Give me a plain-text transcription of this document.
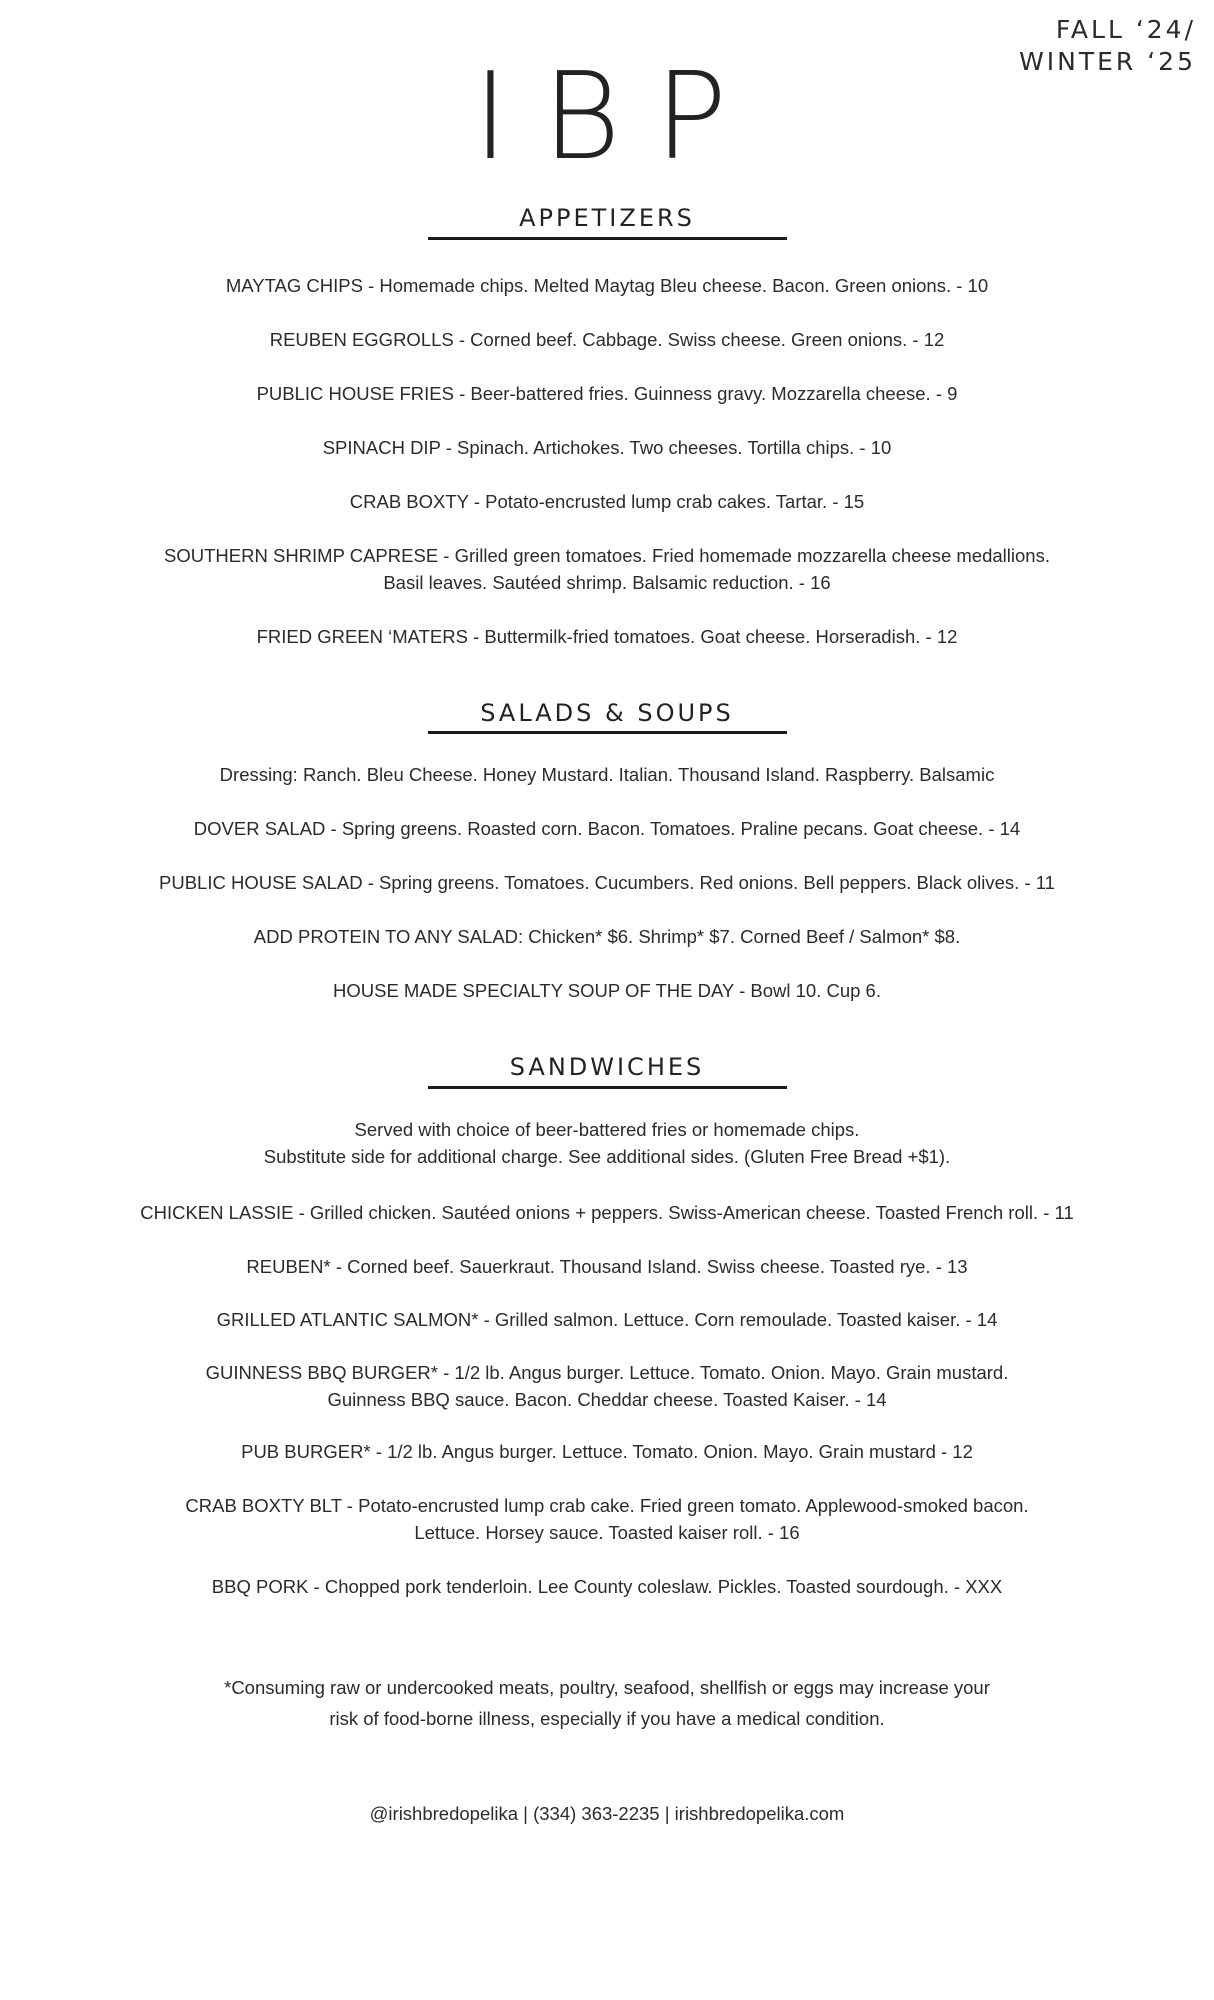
FALL ‘24/
WINTER ‘25
IBP
APPETIZERS
MAYTAG CHIPS - Homemade chips. Melted Maytag Bleu cheese. Bacon. Green onions. - 10
REUBEN EGGROLLS - Corned beef. Cabbage. Swiss cheese. Green onions. - 12
PUBLIC HOUSE FRIES - Beer-battered fries. Guinness gravy. Mozzarella cheese. - 9
SPINACH DIP - Spinach. Artichokes. Two cheeses. Tortilla chips. - 10
CRAB BOXTY - Potato-encrusted lump crab cakes. Tartar. - 15
SOUTHERN SHRIMP CAPRESE - Grilled green tomatoes. Fried homemade mozzarella cheese medallions.
Basil leaves. Sautéed shrimp. Balsamic reduction. - 16
FRIED GREEN ‘MATERS - Buttermilk-fried tomatoes. Goat cheese. Horseradish. - 12
SALADS & SOUPS
Dressing: Ranch. Bleu Cheese. Honey Mustard. Italian. Thousand Island. Raspberry. Balsamic
DOVER SALAD - Spring greens. Roasted corn. Bacon. Tomatoes. Praline pecans. Goat cheese. - 14
PUBLIC HOUSE SALAD - Spring greens. Tomatoes. Cucumbers. Red onions. Bell peppers. Black olives. - 11
ADD PROTEIN TO ANY SALAD: Chicken* $6. Shrimp* $7. Corned Beef / Salmon* $8.
HOUSE MADE SPECIALTY SOUP OF THE DAY - Bowl 10. Cup 6.
SANDWICHES
Served with choice of beer-battered fries or homemade chips.
Substitute side for additional charge. See additional sides. (Gluten Free Bread +$1).
CHICKEN LASSIE - Grilled chicken. Sautéed onions + peppers. Swiss-American cheese. Toasted French roll. - 11
REUBEN* - Corned beef. Sauerkraut. Thousand Island. Swiss cheese. Toasted rye. - 13
GRILLED ATLANTIC SALMON* - Grilled salmon. Lettuce. Corn remoulade. Toasted kaiser. - 14
GUINNESS BBQ BURGER* - 1/2 lb. Angus burger. Lettuce. Tomato. Onion. Mayo. Grain mustard.
Guinness BBQ sauce. Bacon. Cheddar cheese. Toasted Kaiser. - 14
PUB BURGER* - 1/2 lb. Angus burger. Lettuce. Tomato. Onion. Mayo. Grain mustard - 12
CRAB BOXTY BLT - Potato-encrusted lump crab cake. Fried green tomato. Applewood-smoked bacon.
Lettuce. Horsey sauce. Toasted kaiser roll. - 16
BBQ PORK - Chopped pork tenderloin. Lee County coleslaw. Pickles. Toasted sourdough. - XXX
*Consuming raw or undercooked meats, poultry, seafood, shellfish or eggs may increase your
risk of food-borne illness, especially if you have a medical condition.
@irishbredopelika | (334) 363-2235 | irishbredopelika.com
